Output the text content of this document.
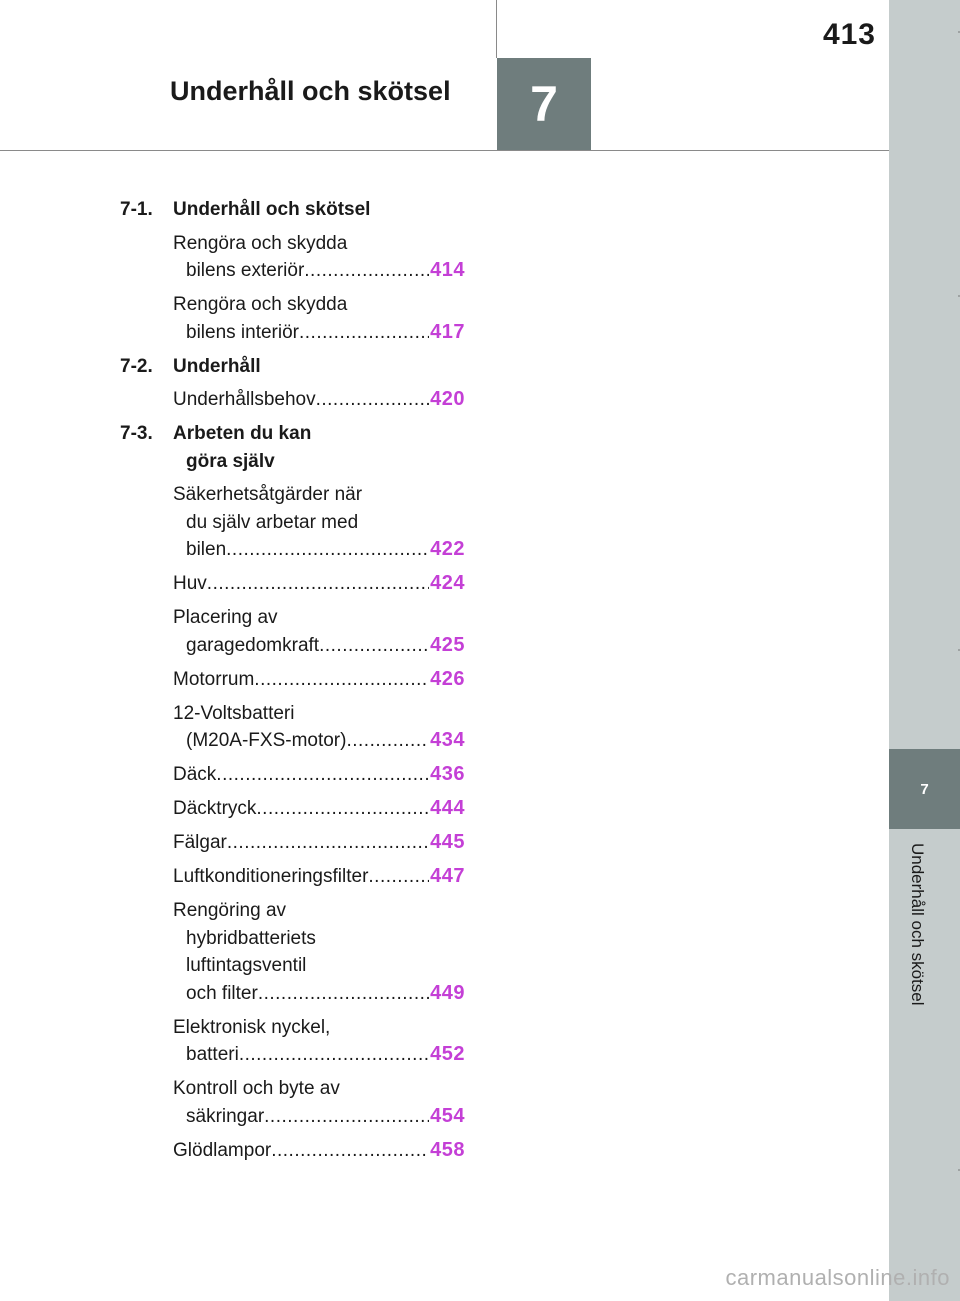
413
Underhåll och skötsel	7
7
Underhåll och skötsel
7-1.	Underhåll och skötsel
Rengöra och skydda
bilens exteriör .....	414
Rengöra och skydda
bilens interiör .....	417
7-2.	Underhåll
Underhållsbehov .....	420
7-3.	Arbeten du kan
göra själv
Säkerhetsåtgärder när
du själv arbetar med
bilen .....	422
Huv .....	424
Placering av
garagedomkraft .....	425
Motorrum .....	426
12-Voltsbatteri
(M20A-FXS-motor) .....	434
Däck .....	436
Däcktryck .....	444
Fälgar .....	445
Luftkonditioneringsfilter .....	447
Rengöring av
hybridbatteriets
luftintagsventil
och filter .....	449
Elektronisk nyckel,
batteri .....	452
Kontroll och byte av
säkringar .....	454
Glödlampor .....	458
carmanualsonline.info
